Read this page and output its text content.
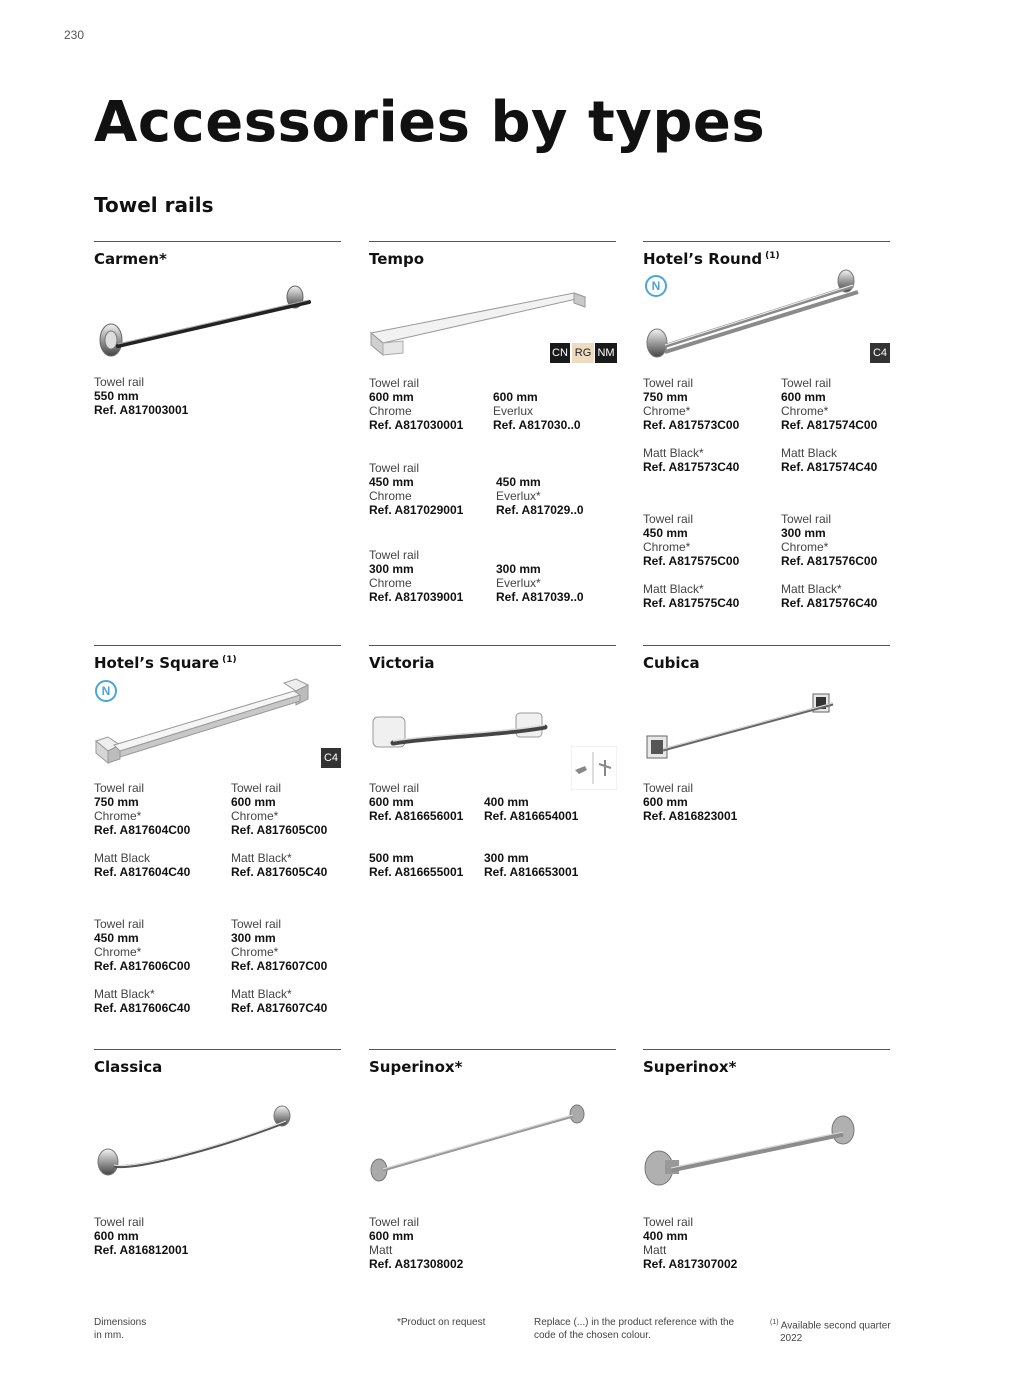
230
Accessories by types
Towel rails
Carmen*
Towel rail
550 mm
Ref. A817003001
Tempo
CN RG NM
Towel rail
600 mm
Chrome
Ref. A817030001
600 mm
Everlux
Ref. A817030..0
Towel rail
450 mm
Chrome
Ref. A817029001
450 mm
Everlux*
Ref. A817029..0
Towel rail
300 mm
Chrome
Ref. A817039001
300 mm
Everlux*
Ref. A817039..0
Hotel’s Round $^{(1)}$
N
C4
Towel rail
750 mm
Chrome*
Ref. A817573C00
Matt Black*
Ref. A817573C40
Towel rail
600 mm
Chrome*
Ref. A817574C00
Matt Black
Ref. A817574C40
Towel rail
450 mm
Chrome*
Ref. A817575C00
Matt Black*
Ref. A817575C40
Towel rail
300 mm
Chrome*
Ref. A817576C00
Matt Black*
Ref. A817576C40
Hotel’s Square $^{(1)}$
N
C4
Towel rail
750 mm
Chrome*
Ref. A817604C00
Matt Black
Ref. A817604C40
Towel rail
600 mm
Chrome*
Ref. A817605C00
Matt Black*
Ref. A817605C40
Towel rail
450 mm
Chrome*
Ref. A817606C00
Matt Black*
Ref. A817606C40
Towel rail
300 mm
Chrome*
Ref. A817607C00
Matt Black*
Ref. A817607C40
Victoria
Towel rail
600 mm
Ref. A816656001
400 mm
Ref. A816654001
500 mm
Ref. A816655001
300 mm
Ref. A816653001
Cubica
Towel rail
600 mm
Ref. A816823001
Classica
Towel rail
600 mm
Ref. A816812001
Superinox*
Towel rail
600 mm
Matt
Ref. A817308002
Superinox*
Towel rail
400 mm
Matt
Ref. A817307002
Dimensions
in mm.
*Product on request	Replace (...) in the product reference with the
code of the chosen colour.
$^{(1)}$ Available second quarter
2022
